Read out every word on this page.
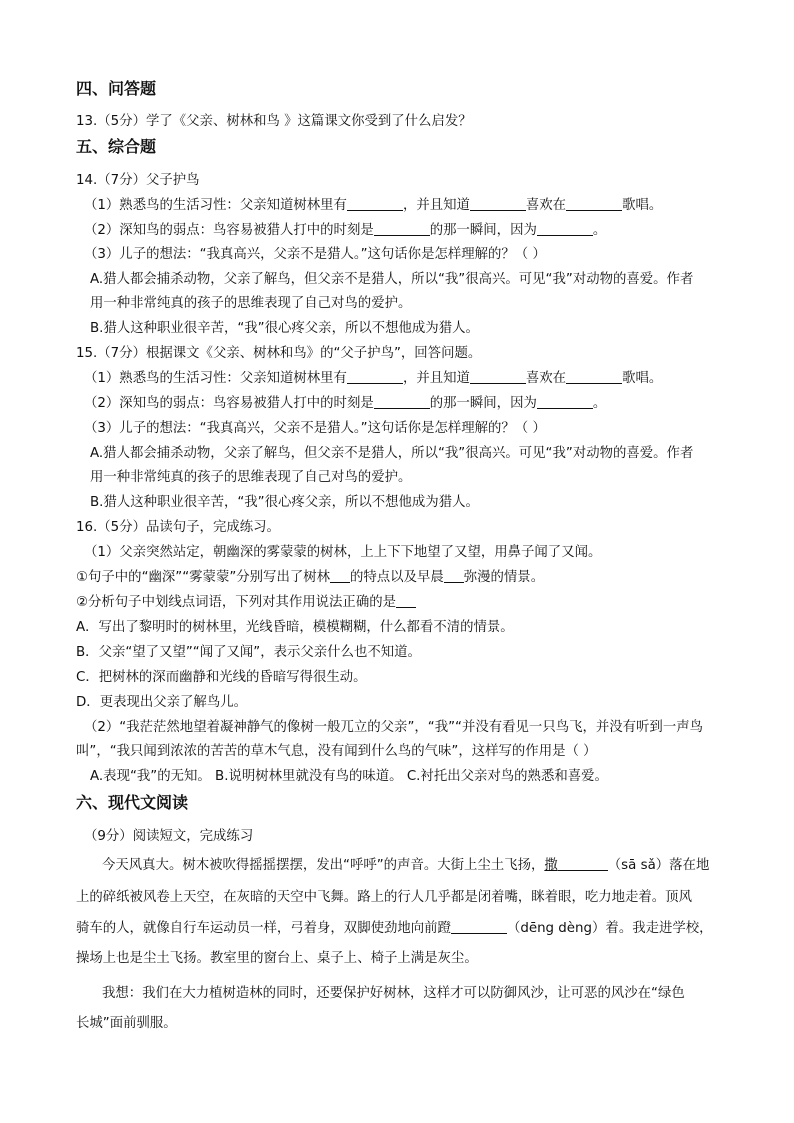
四、问答题
13.（5分）学了《父亲、树林和鸟 》这篇课文你受到了什么启发？
五、综合题
14.（7分）父子护鸟
（1）熟悉鸟的生活习性：父亲知道树林里有	，并且知道	喜欢在	歌唱。
（2）深知鸟的弱点：鸟容易被猎人打中的时刻是	的那一瞬间，因为	。
（3）儿子的想法：“我真高兴，父亲不是猎人。”这句话你是怎样理解的？（ ）
A.猎人都会捕杀动物，父亲了解鸟，但父亲不是猎人，所以“我”很高兴。可见“我”对动物的喜爱。作者
用一种非常纯真的孩子的思维表现了自己对鸟的爱护。
B.猎人这种职业很辛苦，“我”很心疼父亲，所以不想他成为猎人。
15.（7分）根据课文《父亲、树林和鸟》的“父子护鸟”，回答问题。
（1）熟悉鸟的生活习性：父亲知道树林里有	，并且知道	喜欢在	歌唱。
（2）深知鸟的弱点：鸟容易被猎人打中的时刻是	的那一瞬间，因为	。
（3）儿子的想法：“我真高兴，父亲不是猎人。”这句话你是怎样理解的？（ ）
A.猎人都会捕杀动物，父亲了解鸟，但父亲不是猎人，所以“我”很高兴。可见“我”对动物的喜爱。作者
用一种非常纯真的孩子的思维表现了自己对鸟的爱护。
B.猎人这种职业很辛苦，“我”很心疼父亲，所以不想他成为猎人。
16.（5分）品读句子，完成练习。
（1）父亲突然站定，朝幽深的雾蒙蒙的树林，上上下下地望了又望，用鼻子闻了又闻。
①句子中的“幽深”“雾蒙蒙”分别写出了树林 的特点以及早晨 弥漫的情景。
②分析句子中划线点词语，下列对其作用说法正确的是
A．写出了黎明时的树林里，光线昏暗，模模糊糊，什么都看不清的情景。
B．父亲“望了又望”“闻了又闻”，表示父亲什么也不知道。
C．把树林的深而幽静和光线的昏暗写得很生动。
D．更表现出父亲了解鸟儿。
（2）“我茫茫然地望着凝神静气的像树一般兀立的父亲”，“我”“并没有看见一只鸟飞，并没有听到一声鸟
叫”，“我只闻到浓浓的苦苦的草木气息，没有闻到什么鸟的气味”，这样写的作用是（ ）
A.表现“我”的无知。 B.说明树林里就没有鸟的味道。 C.衬托出父亲对鸟的熟悉和喜爱。
六、现代文阅读
（9分）阅读短文，完成练习
今天风真大。树木被吹得摇摇摆摆，发出“呼呼”的声音。大街上尘土飞扬，撒	（sā sǎ）落在地
上的碎纸被风卷上天空，在灰暗的天空中飞舞。路上的行人几乎都是闭着嘴，眯着眼，吃力地走着。顶风
骑车的人，就像自行车运动员一样，弓着身，双脚使劲地向前蹬	（dēng dèng）着。我走进学校，
操场上也是尘土飞扬。教室里的窗台上、桌子上、椅子上满是灰尘。
我想：我们在大力植树造林的同时，还要保护好树林，这样才可以防御风沙，让可恶的风沙在“绿色
长城”面前驯服。
